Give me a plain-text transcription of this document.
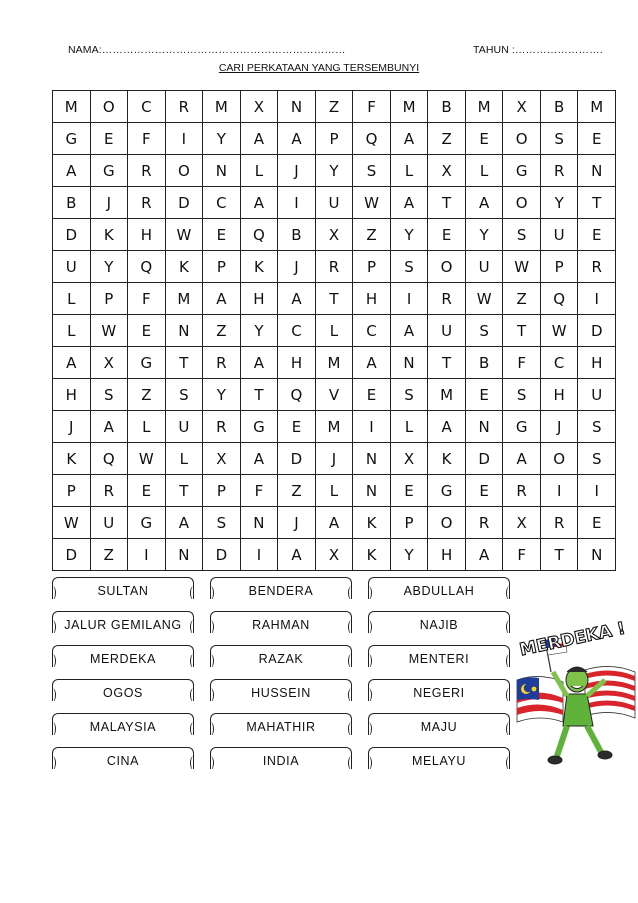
NAMA:……………………………………………………………	TAHUN :…………………….
CARI PERKATAAN YANG TERSEMBUNYI
M	O	C	R	M	X	N	Z	F	M	B	M	X	B	M
G	E	F	I	Y	A	A	P	Q	A	Z	E	O	S	E
A	G	R	O	N	L	J	Y	S	L	X	L	G	R	N
B	J	R	D	C	A	I	U	W	A	T	A	O	Y	T
D	K	H	W	E	Q	B	X	Z	Y	E	Y	S	U	E
U	Y	Q	K	P	K	J	R	P	S	O	U	W	P	R
L	P	F	M	A	H	A	T	H	I	R	W	Z	Q	I
L	W	E	N	Z	Y	C	L	C	A	U	S	T	W	D
A	X	G	T	R	A	H	M	A	N	T	B	F	C	H
H	S	Z	S	Y	T	Q	V	E	S	M	E	S	H	U
J	A	L	U	R	G	E	M	I	L	A	N	G	J	S
K	Q	W	L	X	A	D	J	N	X	K	D	A	O	S
P	R	E	T	P	F	Z	L	N	E	G	E	R	I	I
W	U	G	A	S	N	J	A	K	P	O	R	X	R	E
D	Z	I	N	D	I	A	X	K	Y	H	A	F	T	N
SULTAN	BENDERA	ABDULLAH
JALUR GEMILANG	RAHMAN	NAJIB
MERDEKA	RAZAK	MENTERI
OGOS	HUSSEIN	NEGERI
MALAYSIA	MAHATHIR	MAJU
CINA	INDIA	MELAYU
MERDEKA !
